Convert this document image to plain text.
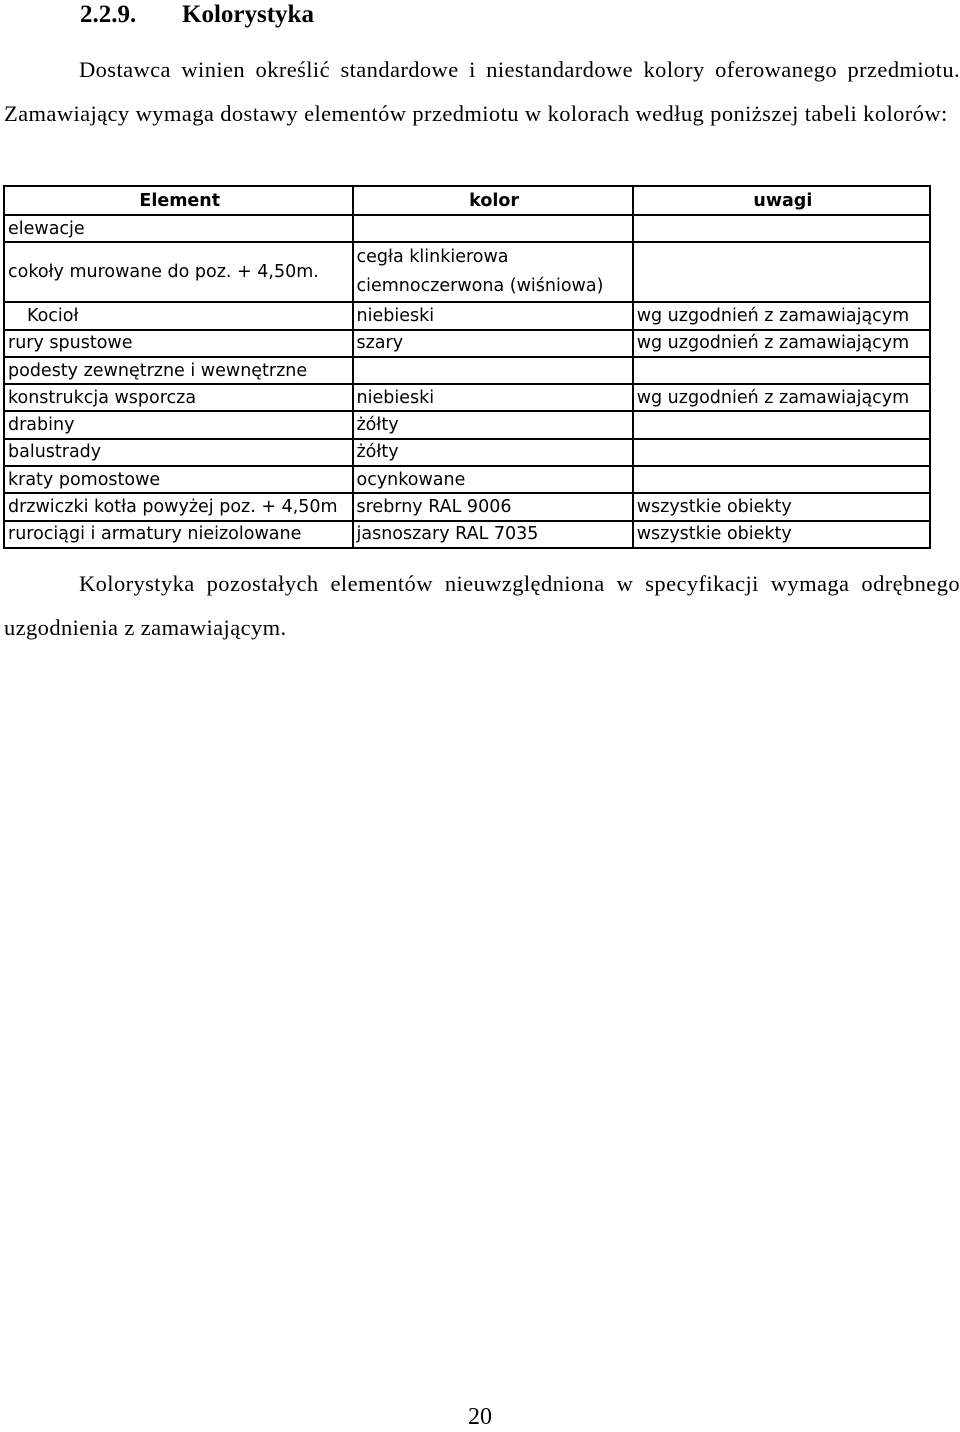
2.2.9. Kolorystyka

Dostawca winien określić standardowe i niestandardowe kolory oferowanego przedmiotu. Zamawiający wymaga dostawy elementów przedmiotu w kolorach według poniższej tabeli kolorów:

Element	kolor	uwagi
elewacje		
cokoły murowane do poz. + 4,50m.	cegła klinkierowa
ciemnoczerwona (wiśniowa)	

Kocioł	niebieski	wg uzgodnień z zamawiającym
rury spustowe	szary	wg uzgodnień z zamawiającym
podesty zewnętrzne i wewnętrzne		
konstrukcja wsporcza	niebieski	wg uzgodnień z zamawiającym
drabiny	żółty	
balustrady	żółty	
kraty pomostowe	ocynkowane	
drzwiczki kotła powyżej poz. + 4,50m	srebrny RAL 9006	wszystkie obiekty
rurociągi i armatury nieizolowane	jasnoszary RAL 7035	wszystkie obiekty

Kolorystyka pozostałych elementów nieuwzględniona w specyfikacji wymaga odrębnego uzgodnienia z zamawiającym.

20
